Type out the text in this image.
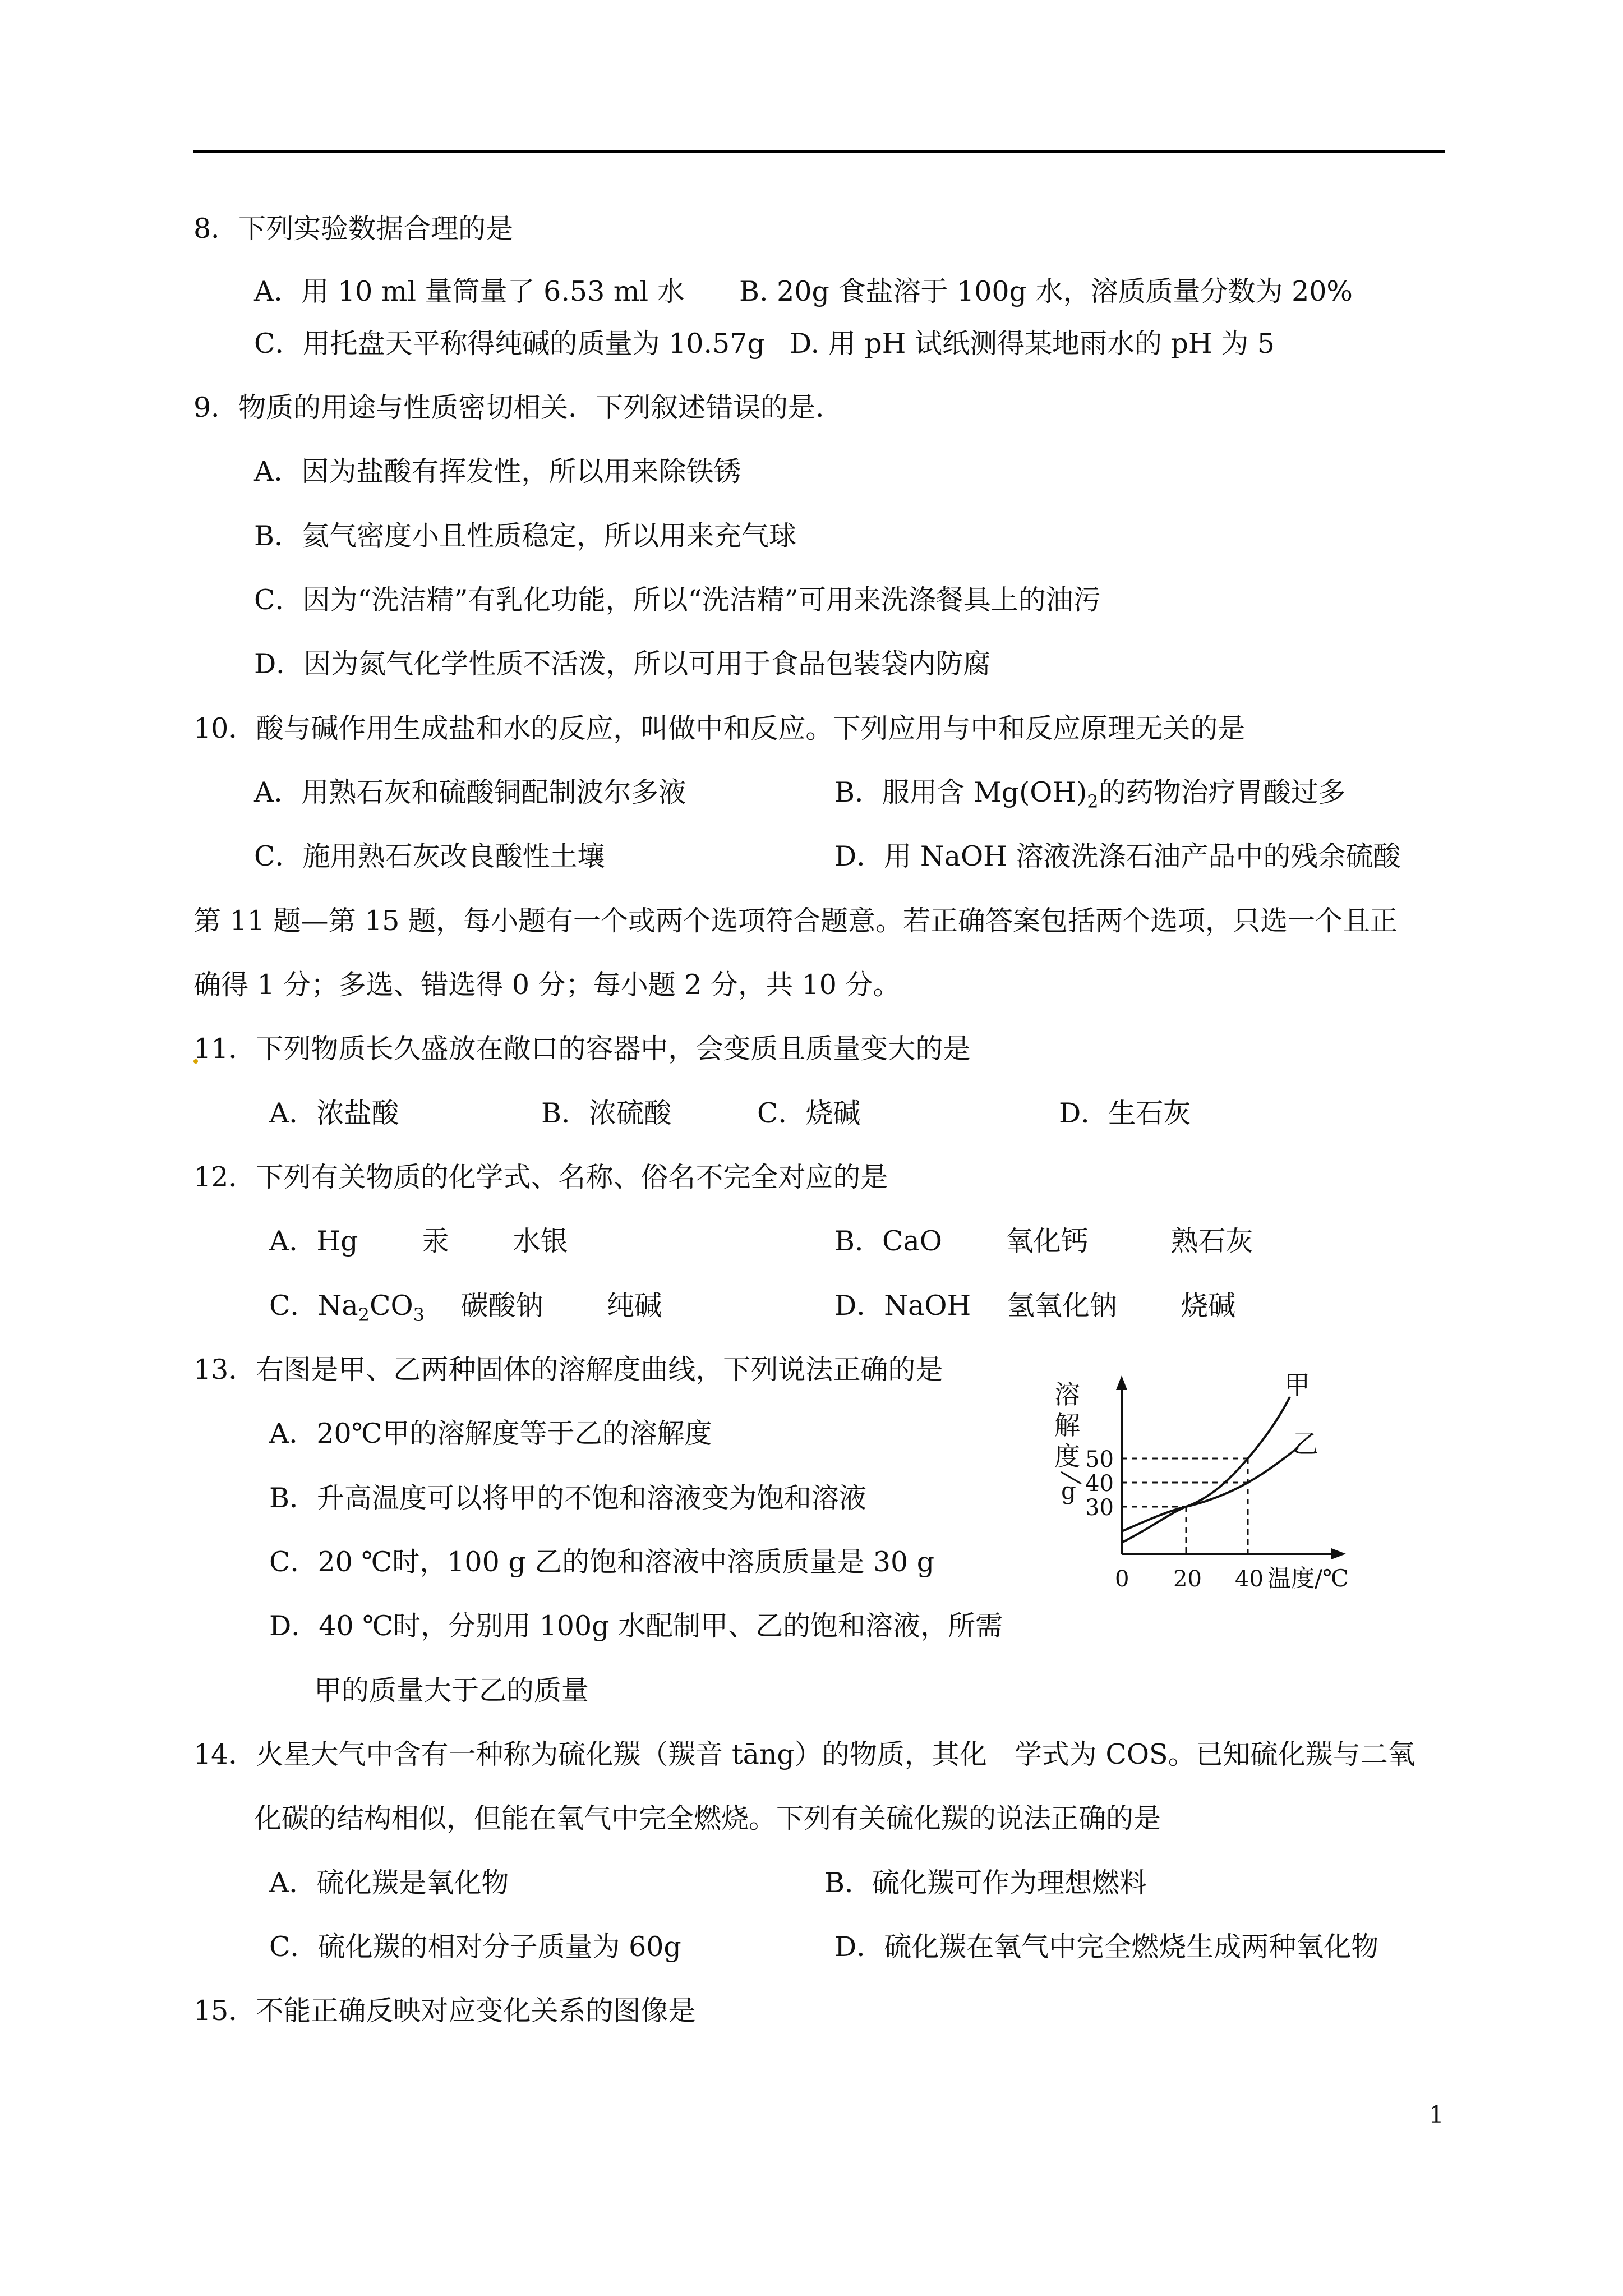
8．下列实验数据合理的是
A．用 10 ml 量筒量了 6.53 ml 水 B. 20g 食盐溶于 100g 水，溶质质量分数为 20%
C．用托盘天平称得纯碱的质量为 10.57g D. 用 pH 试纸测得某地雨水的 pH 为 5
9．物质的用途与性质密切相关．下列叙述错误的是．
A．因为盐酸有挥发性，所以用来除铁锈
B．氦气密度小且性质稳定，所以用来充气球
C．因为“洗洁精”有乳化功能，所以“洗洁精”可用来洗涤餐具上的油污
D．因为氮气化学性质不活泼，所以可用于食品包装袋内防腐
10．酸与碱作用生成盐和水的反应，叫做中和反应。下列应用与中和反应原理无关的是
A．用熟石灰和硫酸铜配制波尔多液	B．服用含 $Mg(OH)_2$的药物治疗胃酸过多
C．施用熟石灰改良酸性土壤	D．用 NaOH 溶液洗涤石油产品中的残余硫酸
第 11 题—第 15 题，每小题有一个或两个选项符合题意。若正确答案包括两个选项，只选一个且正
确得 1 分；多选、错选得 0 分；每小题 2 分，共 10 分。
11．下列物质长久盛放在敞口的容器中，会变质且质量变大的是
A．浓盐酸	B．浓硫酸	C．烧碱	D．生石灰
12．下列有关物质的化学式、名称、俗名不完全对应的是
A．Hg　　 汞　　 水银	B．CaO　　 氧化钙　　　熟石灰
C．$Na_2CO_3$　 碳酸钠　　 纯碱	D．NaOH　 氢氧化钠　　 烧碱
13．右图是甲、乙两种固体的溶解度曲线，下列说法正确的是
A．20℃甲的溶解度等于乙的溶解度
B．升高温度可以将甲的不饱和溶液变为饱和溶液
C．20 ℃时，100 g 乙的饱和溶液中溶质质量是 30 g
D．40 ℃时，分别用 100g 水配制甲、乙的饱和溶液，所需
甲的质量大于乙的质量
溶
解
度
g
50
40
30
0 20 40 温度/℃
甲
乙
14．火星大气中含有一种称为硫化羰（羰音 tāng）的物质，其化　学式为 COS。已知硫化羰与二氧
化碳的结构相似，但能在氧气中完全燃烧。下列有关硫化羰的说法正确的是
A．硫化羰是氧化物	B．硫化羰可作为理想燃料
C．硫化羰的相对分子质量为 60g	D．硫化羰在氧气中完全燃烧生成两种氧化物
15．不能正确反映对应变化关系的图像是
1
